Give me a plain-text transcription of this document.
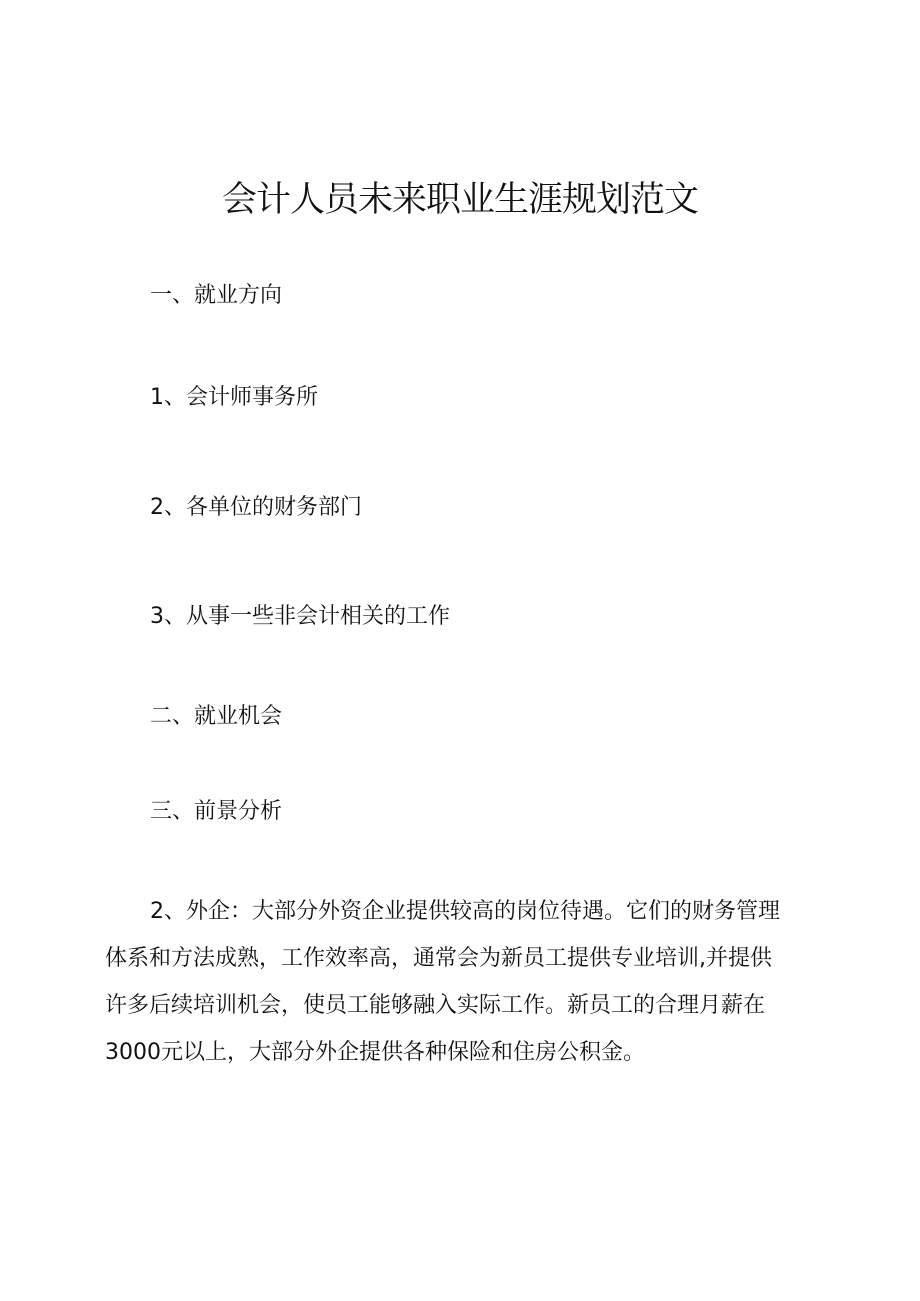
会计人员未来职业生涯规划范文
一、就业方向
1、会计师事务所
2、各单位的财务部门
3、从事一些非会计相关的工作
二、就业机会
三、前景分析
2、外企：大部分外资企业提供较高的岗位待遇。它们的财务管理
体系和方法成熟，工作效率高，通常会为新员工提供专业培训,并提供
许多后续培训机会，使员工能够融入实际工作。新员工的合理月薪在
3000元以上，大部分外企提供各种保险和住房公积金。
